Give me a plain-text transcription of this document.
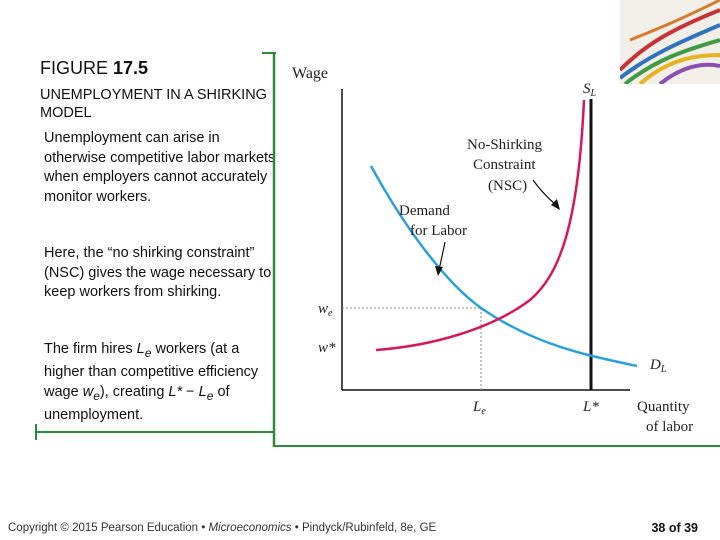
FIGURE 17.5
UNEMPLOYMENT IN A SHIRKING MODEL
Unemployment can arise in otherwise competitive labor markets when employers cannot accurately monitor workers.
Here, the “no shirking constraint” (NSC) gives the wage necessary to keep workers from shirking.
The firm hires $L_e$ workers (at a higher than competitive efficiency wage $w_e$), creating $L* - L_e$ of unemployment.
Wage
Quantity
of labor
$w_e$
w*
$L_e$	L*
$S_L$
$D_L$
No-Shirking
Constraint
(NSC)
Demand
for Labor
Copyright © 2015 Pearson Education • Microeconomics • Pindyck/Rubinfeld, 8e, GE	38 of 39
